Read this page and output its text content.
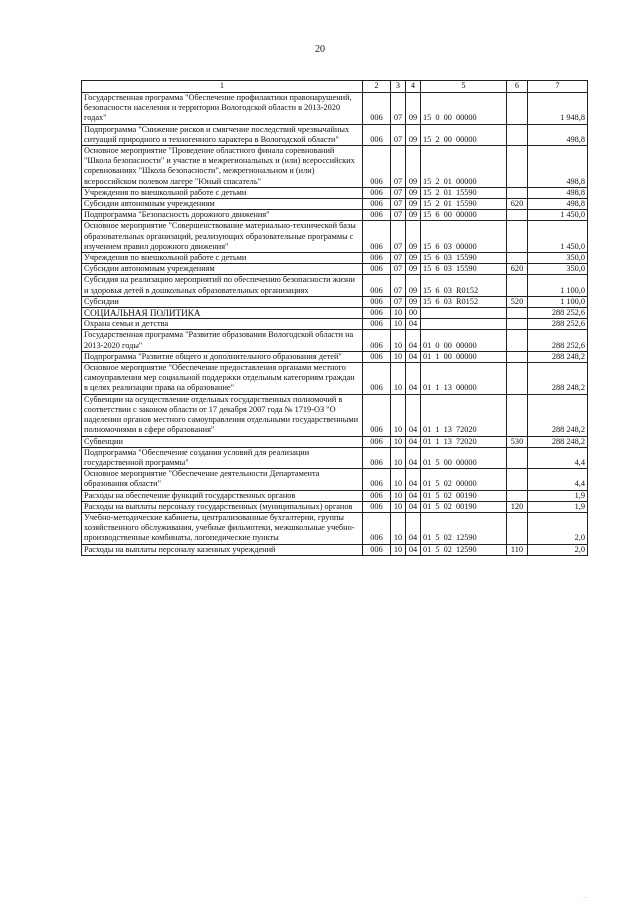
20
1	2	3	4	5	6	7
Государственная программа "Обеспечение профилактики правонарушений, безопасности населения и территории Вологодской области в 2013-2020 годах"	006	07	09	15 0 00 00000		1 948,8
Подпрограмма "Снижение рисков и смягчение последствий чрезвычайных ситуаций природного и техногенного характера в Вологодской области"	006	07	09	15 2 00 00000		498,8
Основное мероприятие "Проведение областного финала соревнований "Школа безопасности" и участие в межрегиональных и (или) всероссийских соревнованиях "Школа безопасности", межрегиональном и (или) всероссийском полевом лагере "Юный спасатель"	006	07	09	15 2 01 00000		498,8
Учреждения по внешкольной работе с детьми	006	07	09	15 2 01 15590		498,8
Субсидии автономным учреждениям	006	07	09	15 2 01 15590	620	498,8
Подпрограмма "Безопасность дорожного движения"	006	07	09	15 6 00 00000		1 450,0
Основное мероприятие "Совершенствование материально-технической базы образовательных организаций, реализующих образовательные программы с изучением правил дорожного движения"	006	07	09	15 6 03 00000		1 450,0
Учреждения по внешкольной работе с детьми	006	07	09	15 6 03 15590		350,0
Субсидии автономным учреждениям	006	07	09	15 6 03 15590	620	350,0
Субсидия на реализацию мероприятий по обеспечению безопасности жизни и здоровья детей в дошкольных образовательных организациях	006	07	09	15 6 03 R0152		1 100,0
Субсидии	006	07	09	15 6 03 R0152	520	1 100,0
СОЦИАЛЬНАЯ ПОЛИТИКА	006	10	00			288 252,6
Охрана семьи и детства	006	10	04			288 252,6
Государственная программа "Развитие образования Вологодской области на 2013-2020 годы"	006	10	04	01 0 00 00000		288 252,6
Подпрограмма "Развитие общего и дополнительного образования детей"	006	10	04	01 1 00 00000		288 248,2
Основное мероприятие "Обеспечение предоставления органами местного самоуправления мер социальной поддержки отдельным категориям граждан в целях реализации права на образование"	006	10	04	01 1 13 00000		288 248,2
Субвенции на осуществление отдельных государственных полномочий в соответствии с законом области от 17 декабря 2007 года № 1719-ОЗ "О наделении органов местного самоуправления отдельными государственными полномочиями в сфере образования"	006	10	04	01 1 13 72020		288 248,2
Субвенции	006	10	04	01 1 13 72020	530	288 248,2
Подпрограмма "Обеспечение создания условий для реализации государственной программы"	006	10	04	01 5 00 00000		4,4
Основное мероприятие "Обеспечение деятельности Департамента образования области"	006	10	04	01 5 02 00000		4,4
Расходы на обеспечение функций государственных органов	006	10	04	01 5 02 00190		1,9
Расходы на выплаты персоналу государственных (муниципальных) органов	006	10	04	01 5 02 00190	120	1,9
Учебно-методические кабинеты, централизованные бухгалтерии, группы хозяйственного обслуживания, учебные фильмотеки, межшкольные учебно-производственные комбинаты, логопедические пункты	006	10	04	01 5 02 12590		2,0
Расходы на выплаты персоналу казенных учреждений	006	10	04	01 5 02 12590	110	2,0
· · ·
